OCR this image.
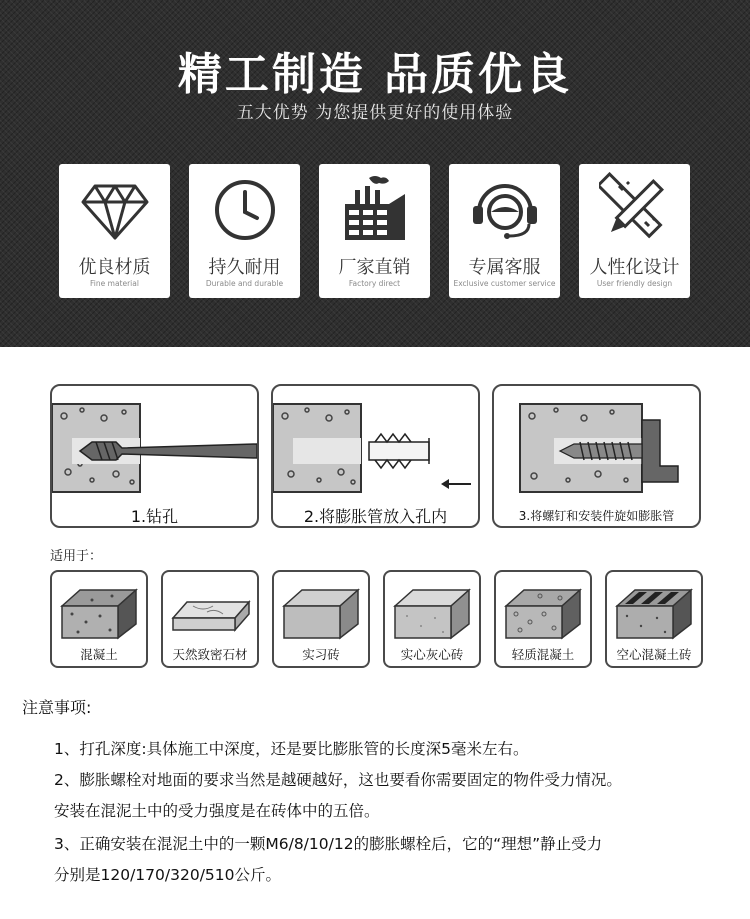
精工制造 品质优良
五大优势 为您提供更好的使用体验
优良材质
Fine material
持久耐用
Durable and durable
厂家直销
Factory direct
专属客服
Exclusive customer service
人性化设计
User friendly design
1.钻孔	2.将膨胀管放入孔内	3.将螺钉和安装件旋如膨胀管
适用于：
混凝土	天然致密石材	实习砖	实心灰心砖	轻质混凝土	空心混凝土砖
注意事项:
1、打孔深度:具体施工中深度，还是要比膨胀管的长度深5毫米左右。
2、膨胀螺栓对地面的要求当然是越硬越好，这也要看你需要固定的物件受力情况。
安装在混泥土中的受力强度是在砖体中的五倍。
3、正确安装在混泥土中的一颗M6/8/10/12的膨胀螺栓后，它的“理想”静止受力
分别是120/170/320/510公斤。
